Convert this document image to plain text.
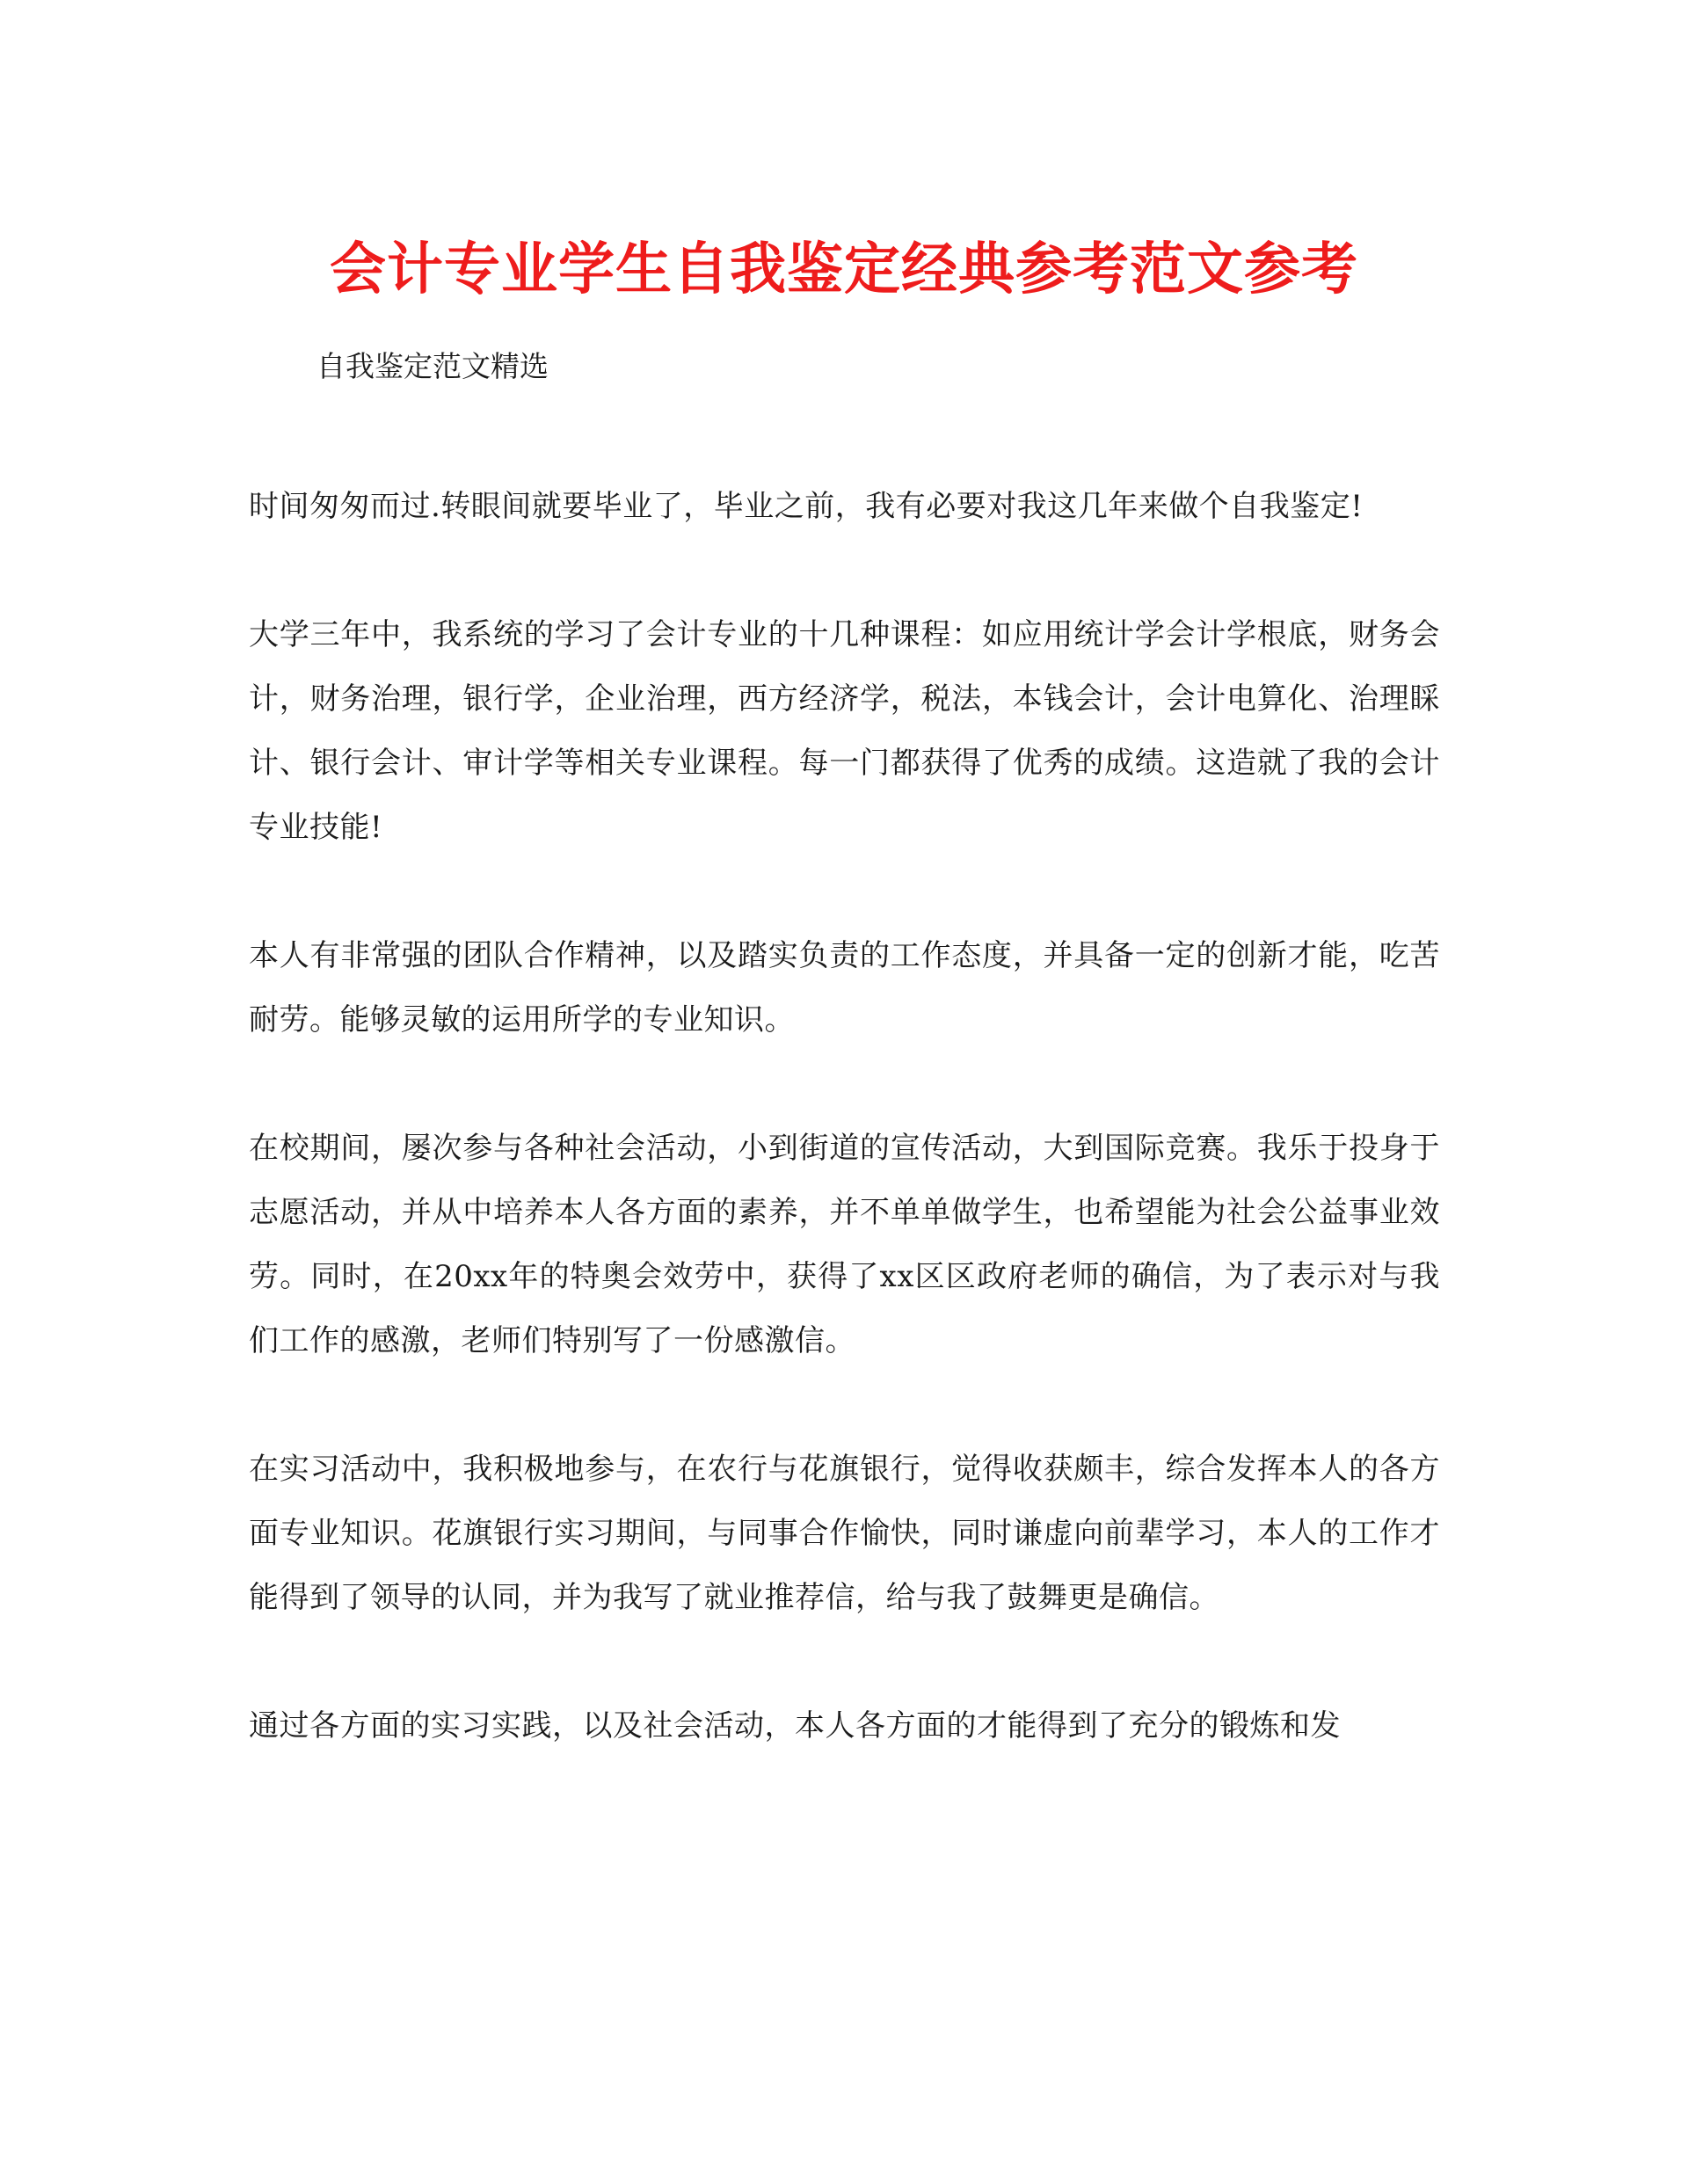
会计专业学生自我鉴定经典参考范文参考

自我鉴定范文精选

时间匆匆而过.转眼间就要毕业了，毕业之前，我有必要对我这几年来做个自我鉴定!

大学三年中，我系统的学习了会计专业的十几种课程：如应用统计学会计学根底，财务会计，财务治理，银行学，企业治理，西方经济学，税法，本钱会计，会计电算化、治理睬计、银行会计、审计学等相关专业课程。每一门都获得了优秀的成绩。这造就了我的会计专业技能!

本人有非常强的团队合作精神，以及踏实负责的工作态度，并具备一定的创新才能，吃苦耐劳。能够灵敏的运用所学的专业知识。

在校期间，屡次参与各种社会活动，小到街道的宣传活动，大到国际竞赛。我乐于投身于志愿活动，并从中培养本人各方面的素养，并不单单做学生，也希望能为社会公益事业效劳。同时，在20xx年的特奥会效劳中，获得了xx区区政府老师的确信，为了表示对与我们工作的感激，老师们特别写了一份感激信。

在实习活动中，我积极地参与，在农行与花旗银行，觉得收获颇丰，综合发挥本人的各方面专业知识。花旗银行实习期间，与同事合作愉快，同时谦虚向前辈学习，本人的工作才能得到了领导的认同，并为我写了就业推荐信，给与我了鼓舞更是确信。

通过各方面的实习实践，以及社会活动，本人各方面的才能得到了充分的锻炼和发
